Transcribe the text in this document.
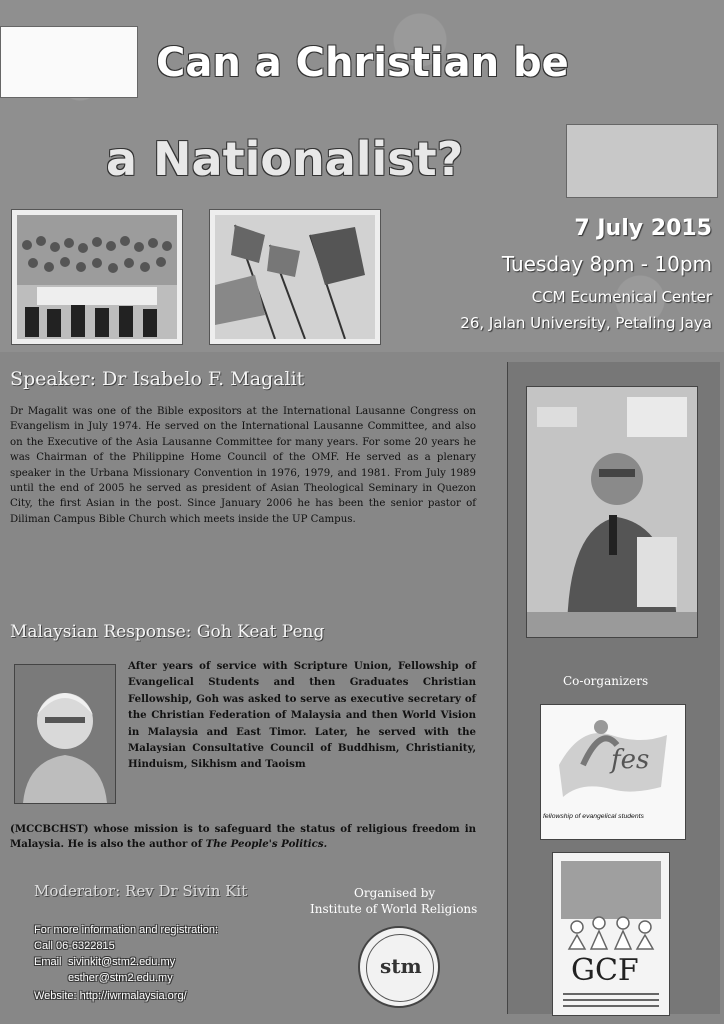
Can a Christian be
a Nationalist?
7 July 2015
Tuesday 8pm - 10pm
CCM Ecumenical Center
26, Jalan University, Petaling Jaya
Speaker: Dr Isabelo F. Magalit
Dr Magalit was one of the Bible expositors at the International Lausanne Congress on Evangelism in July 1974. He served on the International Lausanne Committee, and also on the Executive of the Asia Lausanne Committee for many years. For some 20 years he was Chairman of the Philippine Home Council of the OMF. He served as a plenary speaker in the Urbana Missionary Convention in 1976, 1979, and 1981. From July 1989 until the end of 2005 he served as president of Asian Theological Seminary in Quezon City, the first Asian in the post. Since January 2006 he has been the senior pastor of Diliman Campus Bible Church which meets inside the UP Campus.
Co-organizers
fes
fellowship of evangelical students
GCF
Malaysian Response: Goh Keat Peng
After years of service with Scripture Union, Fellowship of Evangelical Students and then Graduates Christian Fellowship, Goh was asked to serve as executive secretary of the Christian Federation of Malaysia and then World Vision in Malaysia and East Timor. Later, he served with the Malaysian Consultative Council of Buddhism, Christianity, Hinduism, Sikhism and Taoism
(MCCBCHST) whose mission is to safeguard the status of religious freedom in Malaysia. He is also the author of The People's Politics.
Moderator: Rev Dr Sivin Kit
For more information and registration:
Call 06-6322815
Email sivinkit@stm2.edu.my
esther@stm2.edu.my
Website: http://iwrmalaysia.org/
Organised by
Institute of World Religions
stm
